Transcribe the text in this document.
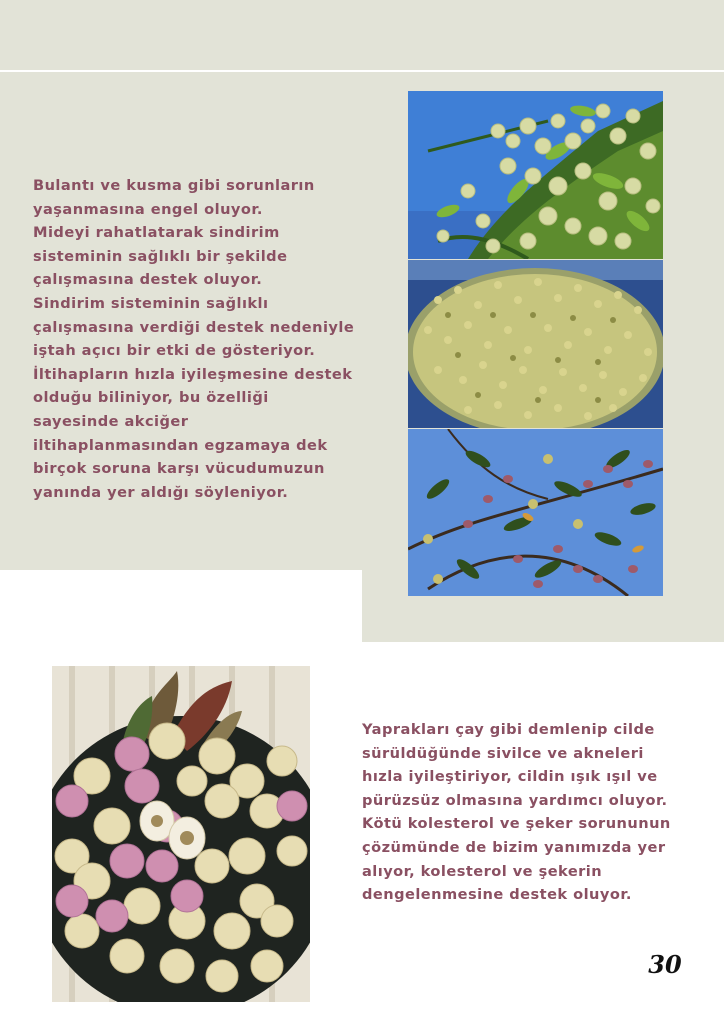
Bulantı ve kusma gibi sorunların
yaşanmasına engel oluyor.
Mideyi rahatlatarak sindirim
sisteminin sağlıklı bir şekilde
çalışmasına destek oluyor.
Sindirim sisteminin sağlıklı
çalışmasına verdiği destek nedeniyle
iştah açıcı bir etki de gösteriyor.
İltihapların hızla iyileşmesine destek
olduğu biliniyor, bu özelliği
sayesinde akciğer
iltihaplanmasından egzamaya dek
birçok soruna karşı vücudumuzun
yanında yer aldığı söyleniyor.
Yaprakları çay gibi demlenip cilde
sürüldüğünde sivilce ve akneleri
hızla iyileştiriyor, cildin ışık ışıl ve
pürüzsüz olmasına yardımcı oluyor.
Kötü kolesterol ve şeker sorununun
çözümünde de bizim yanımızda yer
alıyor, kolesterol ve şekerin
dengelenmesine destek oluyor.
30
